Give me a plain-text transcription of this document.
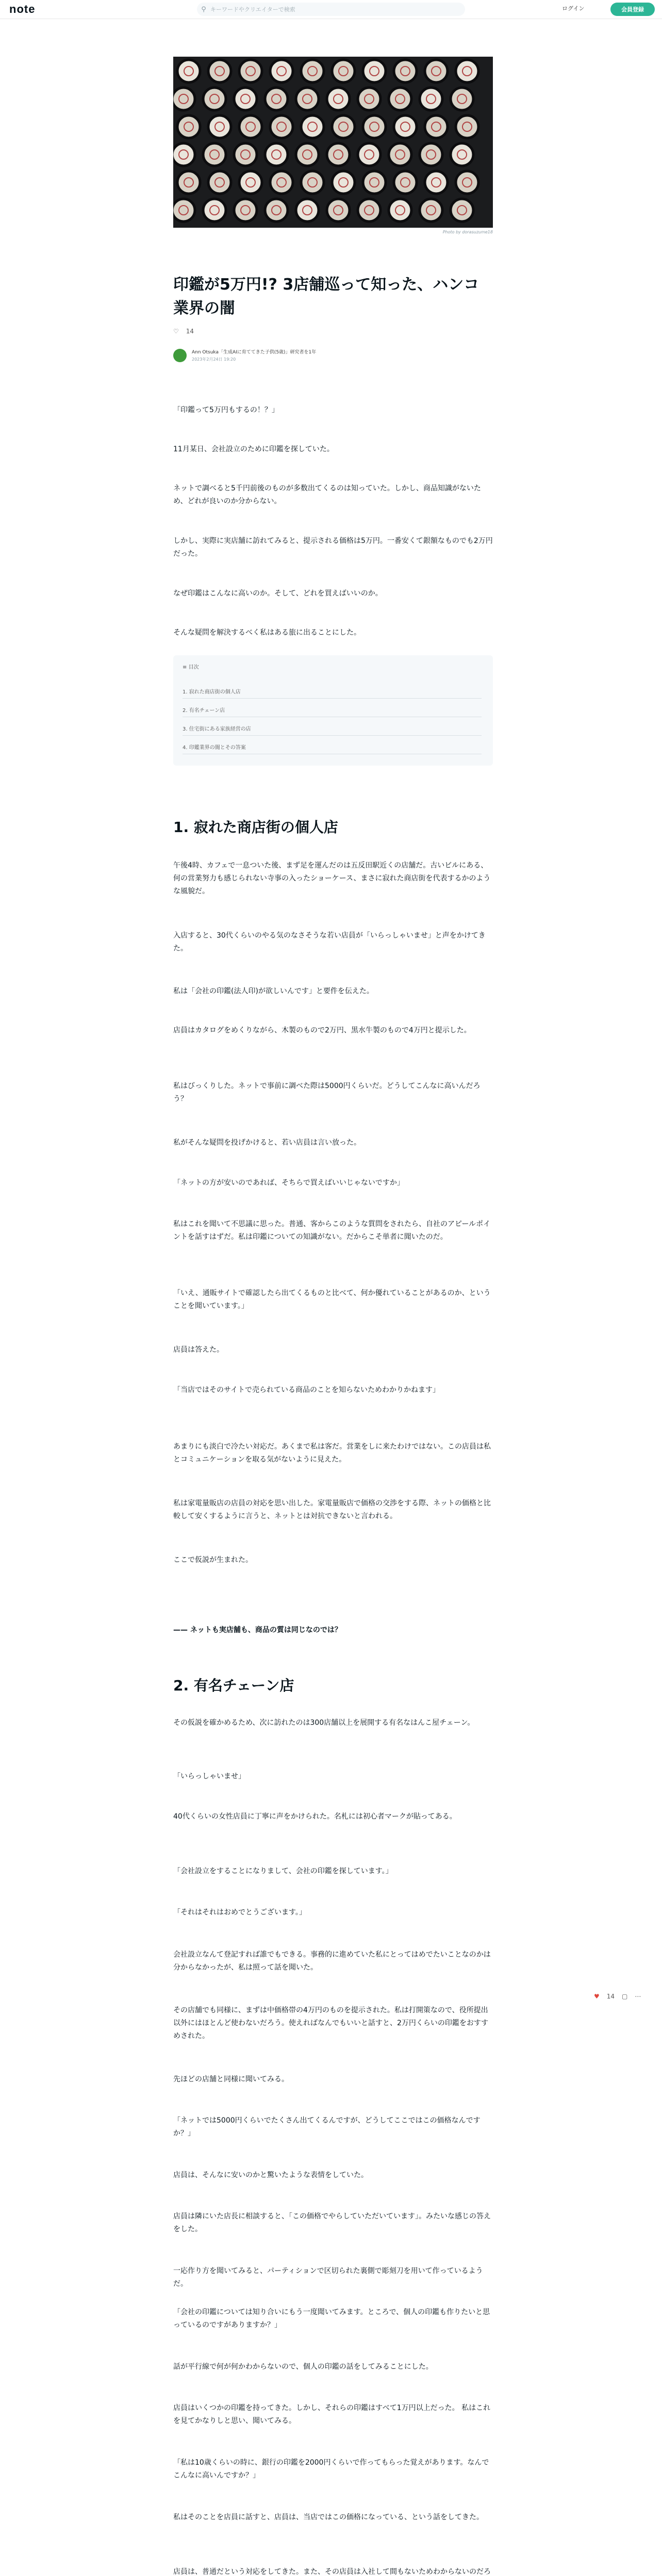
note	⚲ キーワードやクリエイターで検索	ログイン	会員登録
Photo by dorasuzume18
印鑑が5万円!? 3店舗巡って知った、ハンコ業界の闇
♡ 14
Ann Otsuka「生成AIに育ててきた子供(5歳)」研究者を1年
2023年2月24日 19:20

「印鑑って5万円もするの！？」

11月某日、会社設立のために印鑑を探していた。

ネットで調べると5千円前後のものが多数出てくるのは知っていた。しかし、商品知識がないため、どれが良いのか分からない。

しかし、実際に実店舗に訪れてみると、提示される価格は5万円。一番安くて銀額なものでも2万円だった。

なぜ印鑑はこんなに高いのか。そして、どれを買えばいいのか。

そんな疑問を解決するべく私はある旅に出ることにした。

≡ 目次
1. 寂れた商店街の個人店
2. 有名チェーン店
3. 住宅街にある家族経営の店
4. 印鑑業界の闇とその答案
1. 寂れた商店街の個人店

午後4時、カフェで一息ついた後、まず足を運んだのは五反田駅近くの店舗だ。古いビルにある、何の営業努力も感じられない寺事の入ったショーケース、まさに寂れた商店街を代表するかのような風貌だ。

入店すると、30代くらいのやる気のなさそうな若い店員が「いらっしゃいませ」と声をかけてきた。

私は「会社の印鑑(法人印)が欲しいんです」と要件を伝えた。

店員はカタログをめくりながら、木製のもので2万円、黒水牛製のもので4万円と提示した。

私はびっくりした。ネットで事前に調べた際は5000円くらいだ。どうしてこんなに高いんだろう？

私がそんな疑問を投げかけると、若い店員は言い放った。

「ネットの方が安いのであれば、そちらで買えばいいじゃないですか」

私はこれを聞いて不思議に思った。普通、客からこのような質問をされたら、自社のアピールポイントを話すはずだ。私は印鑑についての知識がない。だからこそ単者に聞いたのだ。

「いえ、通販サイトで確認したら出てくるものと比べて、何か優れていることがあるのか、ということを聞いています。」

店員は答えた。

「当店ではそのサイトで売られている商品のことを知らないためわかりかねます」

あまりにも淡白で冷たい対応だ。あくまで私は客だ。営業をしに来たわけではない。この店員は私とコミュニケーションを取る気がないように見えた。

私は家電量販店の店員の対応を思い出した。家電量販店で価格の交渉をする際、ネットの価格と比較して安くするように言うと、ネットとは対抗できないと言われる。

ここで仮説が生まれた。

—— ネットも実店舗も、商品の質は同じなのでは？

2. 有名チェーン店

その仮説を確かめるため、次に訪れたのは300店舗以上を展開する有名なはんこ屋チェーン。

「いらっしゃいませ」

40代くらいの女性店員に丁寧に声をかけられた。名札には初心者マークが貼ってある。

「会社設立をすることになりまして、会社の印鑑を探しています。」

「それはそれはおめでとうございます。」

会社設立なんて登記すれば誰でもできる。事務的に進めていた私にとってはめでたいことなのかは分からなかったが、私は照って話を聞いた。

その店舗でも同様に、まずは中価格帯の4万円のものを提示された。私は打開策なので、役所提出以外にはほとんど使わないだろう。使えればなんでもいいと話すと、2万円くらいの印鑑をおすすめされた。

先ほどの店舗と同様に聞いてみる。

「ネットでは5000円くらいでたくさん出てくるんですが、どうしてここではこの価格なんですか？」

店員は、そんなに安いのかと驚いたような表情をしていた。

店員は隣にいた店長に相談すると、「この価格でやらしていただいています」。みたいな感じの答えをした。

一応作り方を聞いてみると、パーティションで区切られた裏側で彫刻刀を用いて作っているようだ。

「会社の印鑑については知り合いにもう一度聞いてみます。ところで、個人の印鑑も作りたいと思っているのですがありますか？」

話が平行線で何が何かわからないので、個人の印鑑の話をしてみることにした。

店員はいくつかの印鑑を持ってきた。しかし、それらの印鑑はすべて1万円以上だった。 私はこれを見てかなりしと思い、聞いてみる。

「私は10歳くらいの時に、銀行の印鑑を2000円くらいで作ってもらった覚えがあります。なんでこんなに高いんですか？」

私はそのことを店員に話すと、店員は、当店ではこの価格になっている、という話をしてきた。

店員は、普通だという対応をしてきた。また、その店員は入社して間もないためわからないのだろ

♥ 14 ▢ ⋯
